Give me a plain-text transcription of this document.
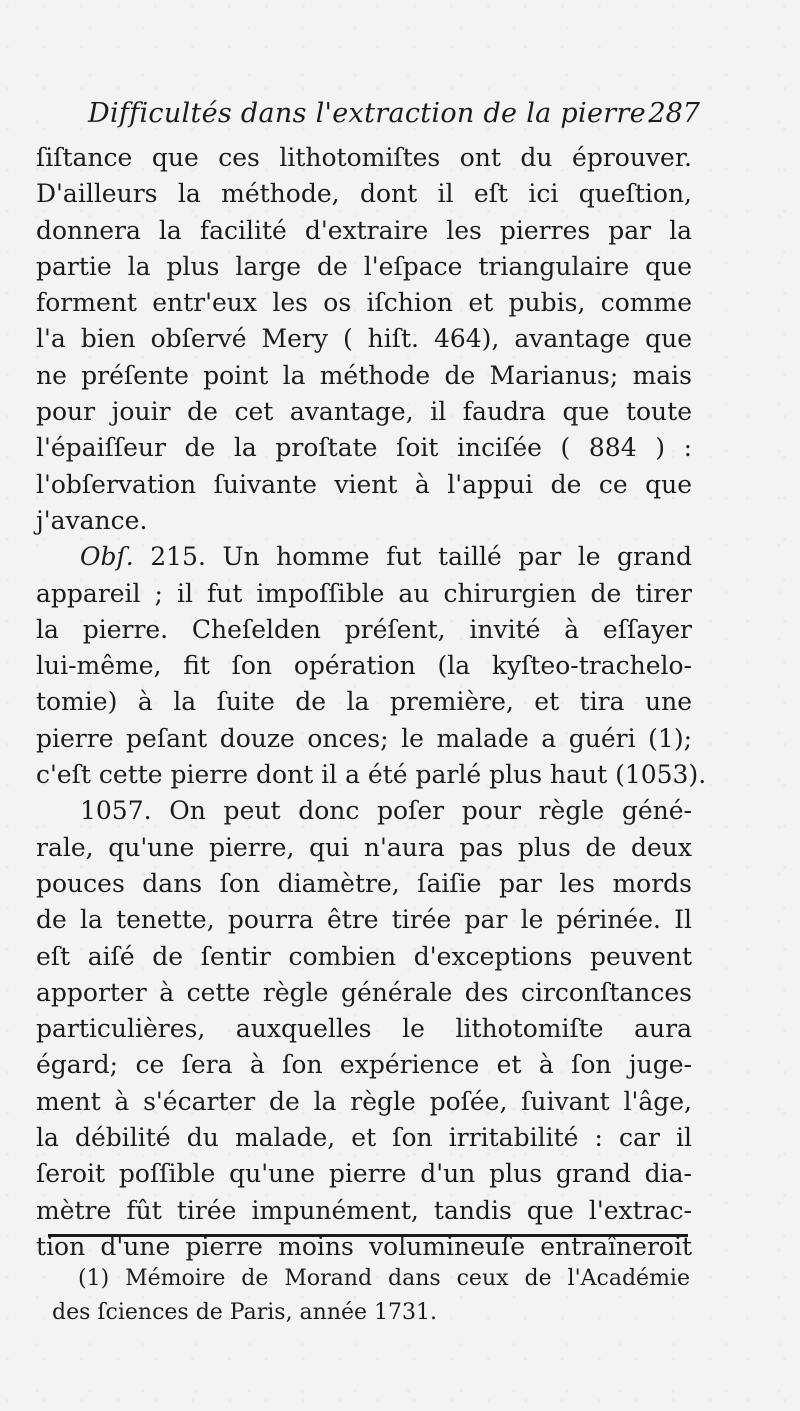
Difficultés dans l'extraction de la pierre.
287
ſiſtance que ces lithotomiſtes ont du éprouver.
D'ailleurs la méthode, dont il eſt ici queſtion,
donnera la facilité d'extraire les pierres par la
partie la plus large de l'eſpace triangulaire que
forment entr'eux les os iſchion et pubis, comme
l'a bien obſervé Mery ( hiſt. 464), avantage que
ne préſente point la méthode de Marianus; mais
pour jouir de cet avantage, il faudra que toute
l'épaiſſeur de la proſtate ſoit inciſée ( 884 ) :
l'obſervation ſuivante vient à l'appui de ce que
j'avance.
Obſ. 215. Un homme fut taillé par le grand
appareil ; il fut impoſſible au chirurgien de tirer
la pierre. Cheſelden préſent, invité à eſſayer
lui-même, fit ſon opération (la kyſteo-trachelo-
tomie) à la ſuite de la première, et tira une
pierre peſant douze onces; le malade a guéri (1);
c'eſt cette pierre dont il a été parlé plus haut (1053).
1057. On peut donc poſer pour règle géné-
rale, qu'une pierre, qui n'aura pas plus de deux
pouces dans ſon diamètre, ſaiſie par les mords
de la tenette, pourra être tirée par le périnée. Il
eſt aiſé de ſentir combien d'exceptions peuvent
apporter à cette règle générale des circonſtances
particulières, auxquelles le lithotomiſte aura
égard; ce ſera à ſon expérience et à ſon juge-
ment à s'écarter de la règle poſée, ſuivant l'âge,
la débilité du malade, et ſon irritabilité : car il
ſeroit poſſible qu'une pierre d'un plus grand dia-
mètre fût tirée impunément, tandis que l'extrac-
tion d'une pierre moins volumineuſe entraîneroit
(1) Mémoire de Morand dans ceux de l'Académie
des ſciences de Paris, année 1731.
